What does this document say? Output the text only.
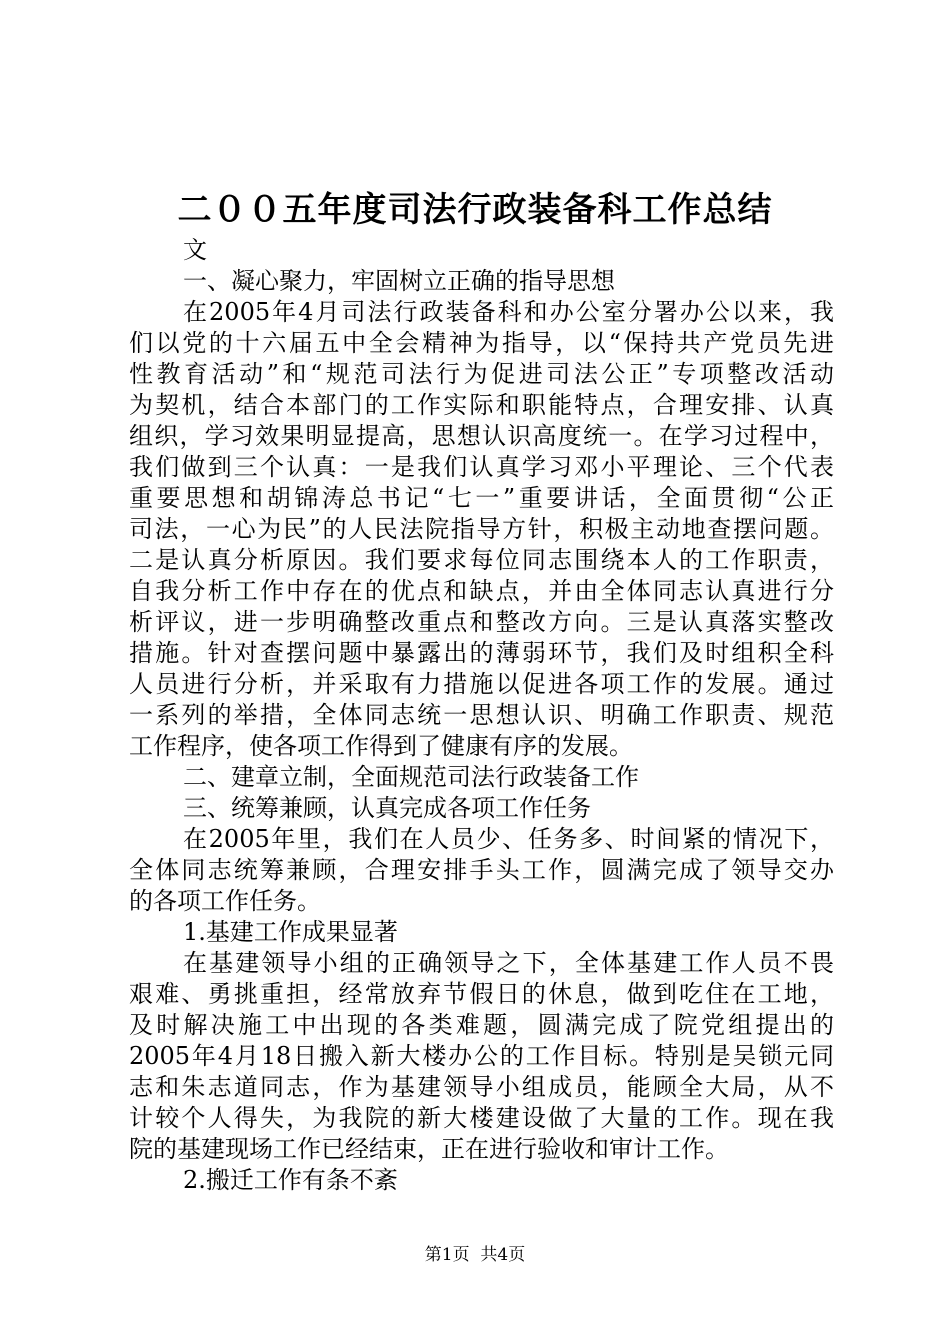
二００五年度司法行政装备科工作总结
文
一、凝心聚力，牢固树立正确的指导思想
在2005年4月司法行政装备科和办公室分署办公以来，我
们以党的十六届五中全会精神为指导，以“保持共产党员先进
性教育活动”和“规范司法行为促进司法公正”专项整改活动
为契机，结合本部门的工作实际和职能特点，合理安排、认真
组织，学习效果明显提高，思想认识高度统一。在学习过程中，
我们做到三个认真：一是我们认真学习邓小平理论、三个代表
重要思想和胡锦涛总书记“七一”重要讲话，全面贯彻“公正
司法，一心为民”的人民法院指导方针，积极主动地查摆问题。
二是认真分析原因。我们要求每位同志围绕本人的工作职责，
自我分析工作中存在的优点和缺点，并由全体同志认真进行分
析评议，进一步明确整改重点和整改方向。三是认真落实整改
措施。针对查摆问题中暴露出的薄弱环节，我们及时组积全科
人员进行分析，并采取有力措施以促进各项工作的发展。通过
一系列的举措，全体同志统一思想认识、明确工作职责、规范
工作程序，使各项工作得到了健康有序的发展。
二、建章立制，全面规范司法行政装备工作
三、统筹兼顾，认真完成各项工作任务
在2005年里，我们在人员少、任务多、时间紧的情况下，
全体同志统筹兼顾，合理安排手头工作，圆满完成了领导交办
的各项工作任务。
1.基建工作成果显著
在基建领导小组的正确领导之下，全体基建工作人员不畏
艰难、勇挑重担，经常放弃节假日的休息，做到吃住在工地，
及时解决施工中出现的各类难题，圆满完成了院党组提出的
2005年4月18日搬入新大楼办公的工作目标。特别是吴锁元同
志和朱志道同志，作为基建领导小组成员，能顾全大局，从不
计较个人得失，为我院的新大楼建设做了大量的工作。现在我
院的基建现场工作已经结束，正在进行验收和审计工作。
2.搬迁工作有条不紊
第1页  共4页
